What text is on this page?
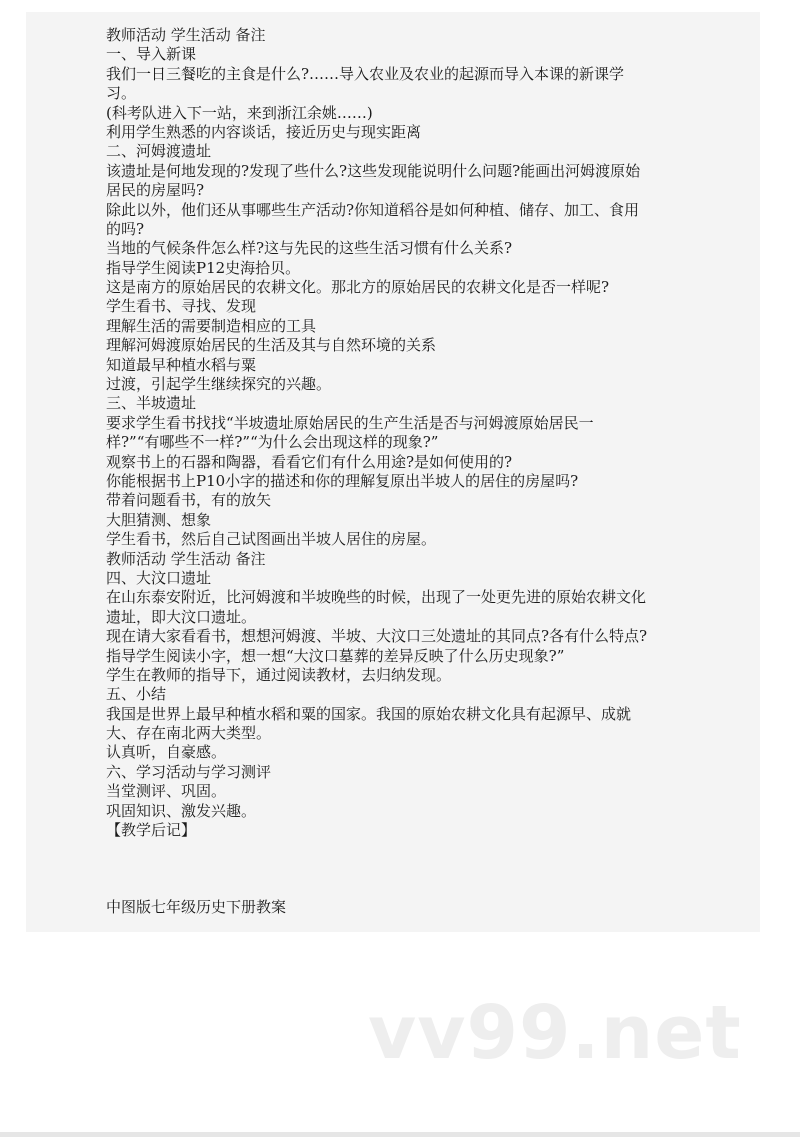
教师活动 学生活动 备注
一、导入新课
我们一日三餐吃的主食是什么?……导入农业及农业的起源而导入本课的新课学
习。
(科考队进入下一站，来到浙江余姚……)
利用学生熟悉的内容谈话，接近历史与现实距离
二、河姆渡遗址
该遗址是何地发现的?发现了些什么?这些发现能说明什么问题?能画出河姆渡原始
居民的房屋吗?
除此以外，他们还从事哪些生产活动?你知道稻谷是如何种植、储存、加工、食用
的吗?
当地的气候条件怎么样?这与先民的这些生活习惯有什么关系?
指导学生阅读P12史海拾贝。
这是南方的原始居民的农耕文化。那北方的原始居民的农耕文化是否一样呢?
学生看书、寻找、发现
理解生活的需要制造相应的工具
理解河姆渡原始居民的生活及其与自然环境的关系
知道最早种植水稻与粟
过渡，引起学生继续探究的兴趣。
三、半坡遗址
要求学生看书找找“半坡遗址原始居民的生产生活是否与河姆渡原始居民一
样?”“有哪些不一样?”“为什么会出现这样的现象?”
观察书上的石器和陶器，看看它们有什么用途?是如何使用的?
你能根据书上P10小字的描述和你的理解复原出半坡人的居住的房屋吗?
带着问题看书，有的放矢
大胆猜测、想象
学生看书，然后自己试图画出半坡人居住的房屋。
教师活动 学生活动 备注
四、大汶口遗址
在山东泰安附近，比河姆渡和半坡晚些的时候，出现了一处更先进的原始农耕文化
遗址，即大汶口遗址。
现在请大家看看书，想想河姆渡、半坡、大汶口三处遗址的其同点?各有什么特点?
指导学生阅读小字，想一想“大汶口墓葬的差异反映了什么历史现象?”
学生在教师的指导下，通过阅读教材，去归纳发现。
五、小结
我国是世界上最早种植水稻和粟的国家。我国的原始农耕文化具有起源早、成就
大、存在南北两大类型。
认真听，自豪感。
六、学习活动与学习测评
当堂测评、巩固。
巩固知识、激发兴趣。
【教学后记】
中图版七年级历史下册教案
vv99.net
